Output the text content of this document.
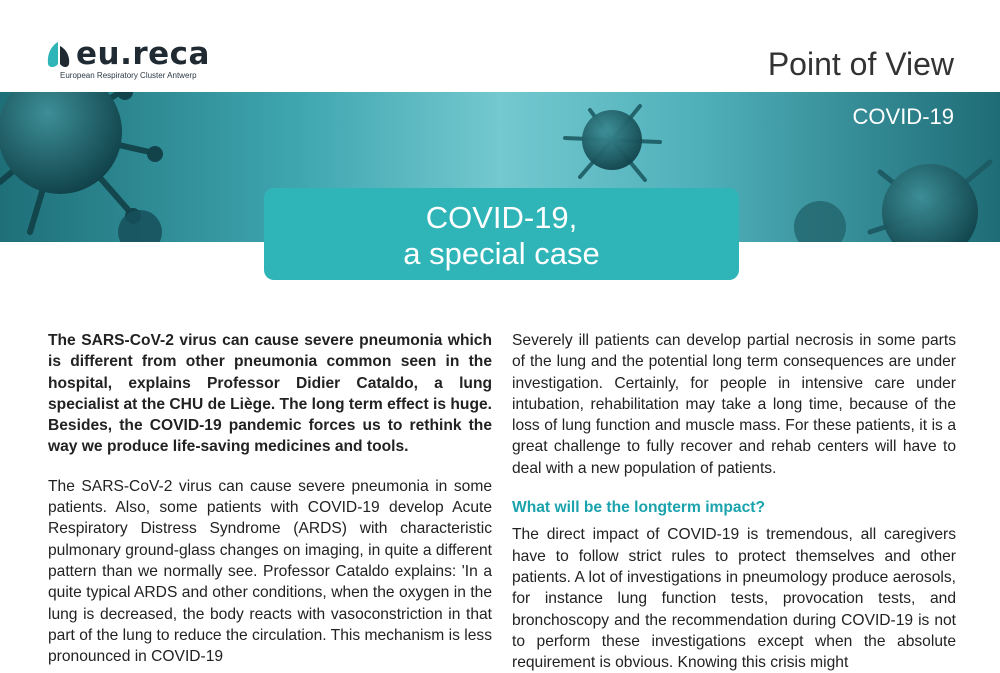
eu.reca
European Respiratory Cluster Antwerp	Point of View
COVID-19
COVID-19,
a special case

The SARS-CoV-2 virus can cause severe pneumonia which is different from other pneumonia common seen in the hospital, explains Professor Didier Cataldo, a lung specialist at the CHU de Liège. The long term effect is huge. Besides, the COVID-19 pandemic forces us to rethink the way we produce life-saving medicines and tools.

The SARS-CoV-2 virus can cause severe pneumonia in some patients. Also, some patients with COVID-19 develop Acute Respiratory Distress Syndrome (ARDS) with characteristic pulmonary ground-glass changes on imaging, in quite a different pattern than we normally see. Professor Cataldo explains: 'In a quite typical ARDS and other conditions, when the oxygen in the lung is decreased, the body reacts with vasoconstriction in that part of the lung to reduce the circulation. This mechanism is less pronounced in COVID-19

Severely ill patients can develop partial necrosis in some parts of the lung and the potential long term consequences are under investigation. Certainly, for people in intensive care under intubation, rehabilitation may take a long time, because of the loss of lung function and muscle mass. For these patients, it is a great challenge to fully recover and rehab centers will have to deal with a new population of patients.

What will be the longterm impact?

The direct impact of COVID-19 is tremendous, all caregivers have to follow strict rules to protect themselves and other patients. A lot of investigations in pneumology produce aerosols, for instance lung function tests, provocation tests, and bronchoscopy and the recommendation during COVID-19 is not to perform these investigations except when the absolute requirement is obvious. Knowing this crisis might
